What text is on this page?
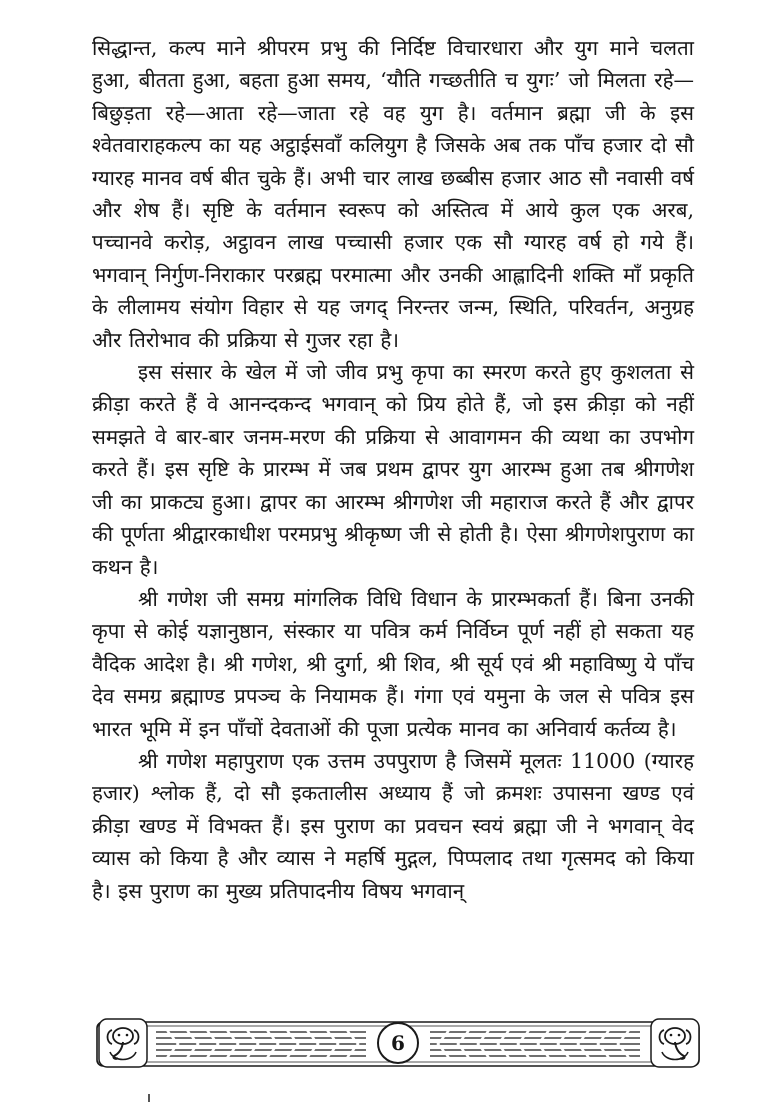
सिद्धान्त, कल्प माने श्रीपरम प्रभु की निर्दिष्ट विचारधारा और युग माने चलता हुआ, बीतता हुआ, बहता हुआ समय, ‘यौति गच्छतीति च युगः’ जो मिलता रहे—बिछुड़ता रहे—आता रहे—जाता रहे वह युग है। वर्तमान ब्रह्मा जी के इस श्वेतवाराहकल्प का यह अट्ठाईसवाँ कलियुग है जिसके अब तक पाँच हजार दो सौ ग्यारह मानव वर्ष बीत चुके हैं। अभी चार लाख छब्बीस हजार आठ सौ नवासी वर्ष और शेष हैं। सृष्टि के वर्तमान स्वरूप को अस्तित्व में आये कुल एक अरब, पच्चानवे करोड़, अट्ठावन लाख पच्चासी हजार एक सौ ग्यारह वर्ष हो गये हैं। भगवान् निर्गुण-निराकार परब्रह्म परमात्मा और उनकी आह्लादिनी शक्ति माँ प्रकृति के लीलामय संयोग विहार से यह जगद् निरन्तर जन्म, स्थिति, परिवर्तन, अनुग्रह और तिरोभाव की प्रक्रिया से गुजर रहा है।

इस संसार के खेल में जो जीव प्रभु कृपा का स्मरण करते हुए कुशलता से क्रीड़ा करते हैं वे आनन्दकन्द भगवान् को प्रिय होते हैं, जो इस क्रीड़ा को नहीं समझते वे बार-बार जनम-मरण की प्रक्रिया से आवागमन की व्यथा का उपभोग करते हैं। इस सृष्टि के प्रारम्भ में जब प्रथम द्वापर युग आरम्भ हुआ तब श्रीगणेश जी का प्राकट्य हुआ। द्वापर का आरम्भ श्रीगणेश जी महाराज करते हैं और द्वापर की पूर्णता श्रीद्वारकाधीश परमप्रभु श्रीकृष्ण जी से होती है। ऐसा श्रीगणेशपुराण का कथन है।

श्री गणेश जी समग्र मांगलिक विधि विधान के प्रारम्भकर्ता हैं। बिना उनकी कृपा से कोई यज्ञानुष्ठान, संस्कार या पवित्र कर्म निर्विघ्न पूर्ण नहीं हो सकता यह वैदिक आदेश है। श्री गणेश, श्री दुर्गा, श्री शिव, श्री सूर्य एवं श्री महाविष्णु ये पाँच देव समग्र ब्रह्माण्ड प्रपञ्च के नियामक हैं। गंगा एवं यमुना के जल से पवित्र इस भारत भूमि में इन पाँचों देवताओं की पूजा प्रत्येक मानव का अनिवार्य कर्तव्य है।

श्री गणेश महापुराण एक उत्तम उपपुराण है जिसमें मूलतः 11000 (ग्यारह हजार) श्लोक हैं, दो सौ इकतालीस अध्याय हैं जो क्रमशः उपासना खण्ड एवं क्रीड़ा खण्ड में विभक्त हैं। इस पुराण का प्रवचन स्वयं ब्रह्मा जी ने भगवान् वेद व्यास को किया है और व्यास ने महर्षि मुद्गल, पिप्पलाद तथा गृत्समद को किया है। इस पुराण का मुख्य प्रतिपादनीय विषय भगवान्

6
